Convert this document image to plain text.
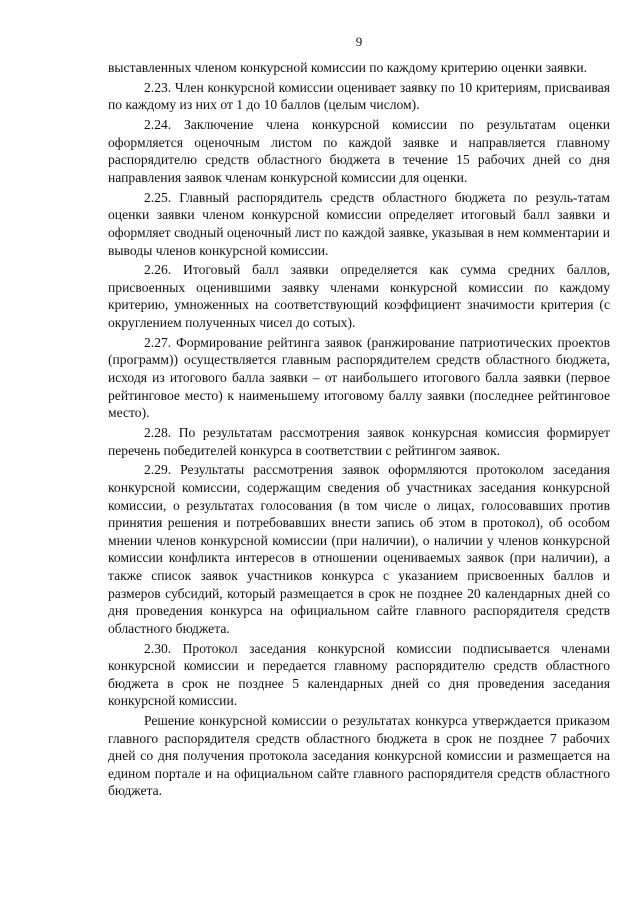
9

выставленных членом конкурсной комиссии по каждому критерию оценки заявки.

2.23. Член конкурсной комиссии оценивает заявку по 10 критериям, присваивая по каждому из них от 1 до 10 баллов (целым числом).

2.24. Заключение члена конкурсной комиссии по результатам оценки оформляется оценочным листом по каждой заявке и направляется главному распорядителю средств областного бюджета в течение 15 рабочих дней со дня направления заявок членам конкурсной комиссии для оценки.

2.25. Главный распорядитель средств областного бюджета по резуль-татам оценки заявки членом конкурсной комиссии определяет итоговый балл заявки и оформляет сводный оценочный лист по каждой заявке, указывая в нем комментарии и выводы членов конкурсной комиссии.

2.26. Итоговый балл заявки определяется как сумма средних баллов, присвоенных оценившими заявку членами конкурсной комиссии по каждому критерию, умноженных на соответствующий коэффициент значимости критерия (с округлением полученных чисел до сотых).

2.27. Формирование рейтинга заявок (ранжирование патриотических проектов (программ)) осуществляется главным распорядителем средств областного бюджета, исходя из итогового балла заявки – от наибольшего итогового балла заявки (первое рейтинговое место) к наименьшему итоговому баллу заявки (последнее рейтинговое место).

2.28. По результатам рассмотрения заявок конкурсная комиссия формирует перечень победителей конкурса в соответствии с рейтингом заявок.

2.29. Результаты рассмотрения заявок оформляются протоколом заседания конкурсной комиссии, содержащим сведения об участниках заседания конкурсной комиссии, о результатах голосования (в том числе о лицах, голосовавших против принятия решения и потребовавших внести запись об этом в протокол), об особом мнении членов конкурсной комиссии (при наличии), о наличии у членов конкурсной комиссии конфликта интересов в отношении оцениваемых заявок (при наличии), а также список заявок участников конкурса с указанием присвоенных баллов и размеров субсидий, который размещается в срок не позднее 20 календарных дней со дня проведения конкурса на официальном сайте главного распорядителя средств областного бюджета.

2.30. Протокол заседания конкурсной комиссии подписывается членами конкурсной комиссии и передается главному распорядителю средств областного бюджета в срок не позднее 5 календарных дней со дня проведения заседания конкурсной комиссии.

Решение конкурсной комиссии о результатах конкурса утверждается приказом главного распорядителя средств областного бюджета в срок не позднее 7 рабочих дней со дня получения протокола заседания конкурсной комиссии и размещается на едином портале и на официальном сайте главного распорядителя средств областного бюджета.
